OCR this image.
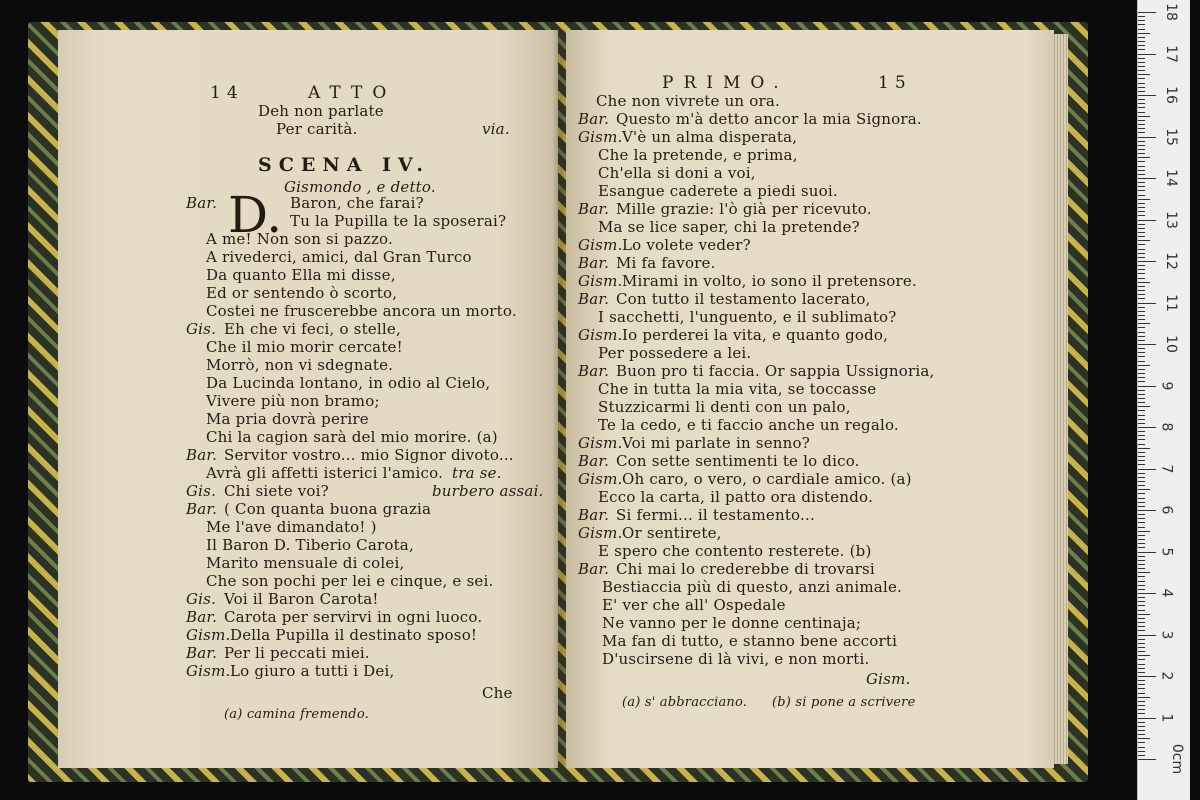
14	ATTO
Deh non parlate
Per carità.	via.
SCENA IV.
Gismondo , e detto.
Bar. D. Baron, che farai?
Tu la Pupilla te la sposerai?
A me! Non son si pazzo.
A rivederci, amici, dal Gran Turco
Da quanto Ella mi disse,
Ed or sentendo ò scorto,
Costei ne fruscerebbe ancora un morto.
Gis. Eh che vi feci, o stelle,
Che il mio morir cercate!
Morrò, non vi sdegnate.
Da Lucinda lontano, in odio al Cielo,
Vivere più non bramo;
Ma pria dovrà perire
Chi la cagion sarà del mio morire. (a)
Bar. Servitor vostro... mio Signor divoto...
Avrà gli affetti isterici l'amico. tra se.
Gis. Chi siete voi?	burbero assai.
Bar. ( Con quanta buona grazia
Me l'ave dimandato! )
Il Baron D. Tiberio Carota,
Marito mensuale di colei,
Che son pochi per lei e cinque, e sei.
Gis. Voi il Baron Carota!
Bar. Carota per servirvi in ogni luoco.
Gism. Della Pupilla il destinato sposo!
Bar. Per li peccati miei.
Gism. Lo giuro a tutti i Dei,
Che
(a) camina fremendo.
PRIMO.	15
Che non vivrete un ora.
Bar. Questo m'à detto ancor la mia Signora.
Gism. V'è un alma disperata,
Che la pretende, e prima,
Ch'ella si doni a voi,
Esangue caderete a piedi suoi.
Bar. Mille grazie: l'ò già per ricevuto.
Ma se lice saper, chi la pretende?
Gism. Lo volete veder?
Bar. Mi fa favore.
Gism. Mirami in volto, io sono il pretensore.
Bar. Con tutto il testamento lacerato,
I sacchetti, l'unguento, e il sublimato?
Gism. Io perderei la vita, e quanto godo,
Per possedere a lei.
Bar. Buon pro ti faccia. Or sappia Ussignoria,
Che in tutta la mia vita, se toccasse
Stuzzicarmi li denti con un palo,
Te la cedo, e ti faccio anche un regalo.
Gism. Voi mi parlate in senno?
Bar. Con sette sentimenti te lo dico.
Gism. Oh caro, o vero, o cardiale amico. (a)
Ecco la carta, il patto ora distendo.
Bar. Si fermi... il testamento...
Gism. Or sentirete,
E spero che contento resterete. (b)
Bar. Chi mai lo crederebbe di trovarsi
Bestiaccia più di questo, anzi animale.
E' ver che all' Ospedale
Ne vanno per le donne centinaja;
Ma fan di tutto, e stanno bene accorti
D'uscirsene di là vivi, e non morti.
Gism.
(a) s' abbracciano. (b) si pone a scrivere
18
17
16
15
14
13
12
11
10
9
8
7
6
5
4
3
2
1
0cm
